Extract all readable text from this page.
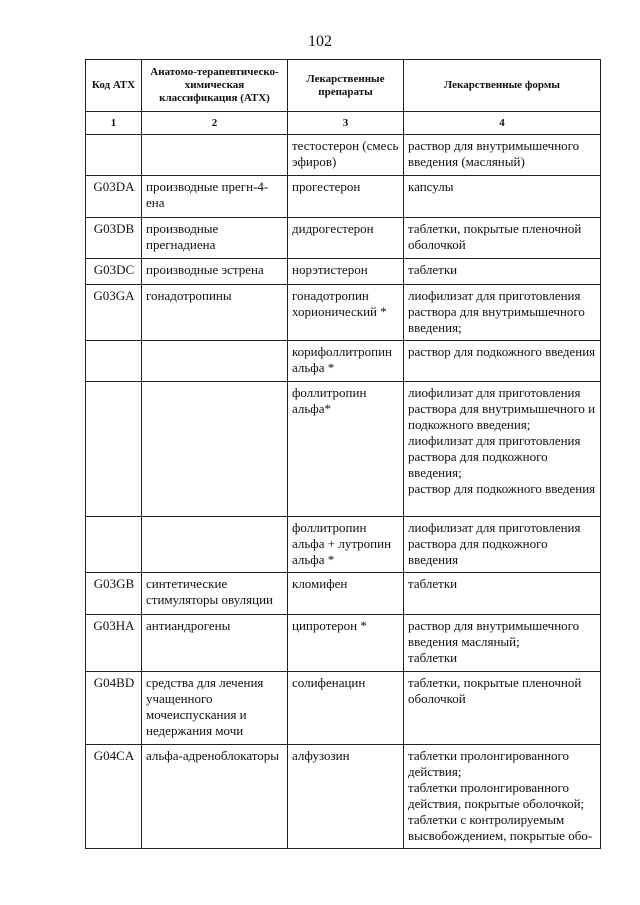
102
Код АТХ	Анатомо-терапевтическо-химическая классификация (АТХ)	Лекарственные препараты	Лекарственные формы
1	2	3	4
		тестостерон (смесь эфиров)	раствор для внутримышечного введения (масляный)

G03DA	производные прегн-4-ена	прогестерон	капсулы

G03DB	производные прегнадиена	дидрогестерон	таблетки, покрытые пленочной оболочкой

G03DC	производные эстрена	норэтистерон	таблетки

G03GA	гонадотропины	гонадотропин хорионический *	лиофилизат для приготовления раствора для внутримышечного введения;

		корифоллитропин альфа *	раствор для подкожного введения

		фоллитропин альфа*	лиофилизат для приготовления раствора для внутримышечного и подкожного введения;
лиофилизат для приготовления раствора для подкожного введения;
раствор для подкожного введения

		фоллитропин альфа + лутропин альфа *	лиофилизат для приготовления раствора для подкожного введения

G03GB	синтетические стимуляторы овуляции	кломифен	таблетки

G03HA	антиандрогены	ципротерон *	раствор для внутримышечного введения масляный;
таблетки

G04BD	средства для лечения учащенного мочеиспускания и недержания мочи	солифенацин	таблетки, покрытые пленочной оболочкой

G04CA	альфа-адреноблокаторы	алфузозин	таблетки пролонгированного действия;
таблетки пролонгированного действия, покрытые оболочкой;
таблетки с контролируемым высвобождением, покрытые обо-
